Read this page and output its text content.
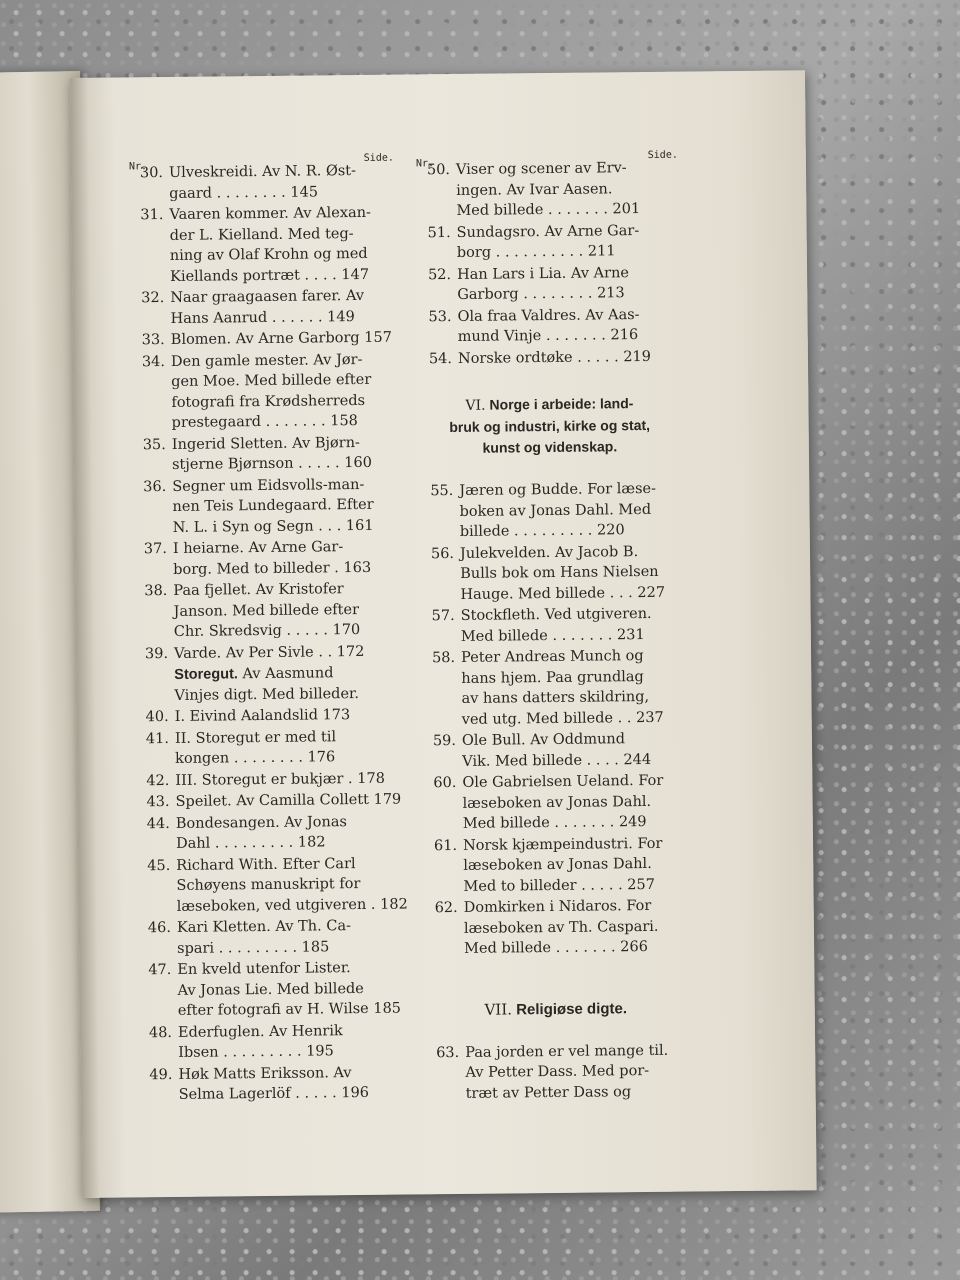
Nr.
Side.
30. Ulveskreidi. Av N. R. Øst-
gaard . . . . . . . . 145
31. Vaaren kommer. Av Alexan-
der L. Kielland. Med teg-
ning av Olaf Krohn og med
Kiellands portræt . . . . 147
32. Naar graagaasen farer. Av
Hans Aanrud . . . . . . 149
33. Blomen. Av Arne Garborg 157
34. Den gamle mester. Av Jør-
gen Moe. Med billede efter
fotografi fra Krødsherreds
prestegaard . . . . . . . 158
35. Ingerid Sletten. Av Bjørn-
stjerne Bjørnson . . . . . 160
36. Segner um Eidsvolls-man-
nen Teis Lundegaard. Efter
N. L. i Syn og Segn . . . 161
37. I heiarne. Av Arne Gar-
borg. Med to billeder . 163
38. Paa fjellet. Av Kristofer
Janson. Med billede efter
Chr. Skredsvig . . . . . 170
39. Varde. Av Per Sivle . . 172
Storegut. Av Aasmund
Vinjes digt. Med billeder.
40. I. Eivind Aalandslid 173
41. II. Storegut er med til
kongen . . . . . . . . 176
42. III. Storegut er bukjær . 178
43. Speilet. Av Camilla Collett 179
44. Bondesangen. Av Jonas
Dahl . . . . . . . . . 182
45. Richard With. Efter Carl
Schøyens manuskript for
læseboken, ved utgiveren . 182
46. Kari Kletten. Av Th. Ca-
spari . . . . . . . . . 185
47. En kveld utenfor Lister.
Av Jonas Lie. Med billede
efter fotografi av H. Wilse 185
48. Ederfuglen. Av Henrik
Ibsen . . . . . . . . . 195
49. Høk Matts Eriksson. Av
Selma Lagerlöf . . . . . 196
Nr.
Side.
50. Viser og scener av Erv-
ingen. Av Ivar Aasen.
Med billede . . . . . . . 201
51. Sundagsro. Av Arne Gar-
borg . . . . . . . . . . 211
52. Han Lars i Lia. Av Arne
Garborg . . . . . . . . 213
53. Ola fraa Valdres. Av Aas-
mund Vinje . . . . . . . 216
54. Norske ordtøke . . . . . 219
VI. Norge i arbeide: land-
bruk og industri, kirke og stat,
kunst og videnskap.
55. Jæren og Budde. For læse-
boken av Jonas Dahl. Med
billede . . . . . . . . . 220
56. Julekvelden. Av Jacob B.
Bulls bok om Hans Nielsen
Hauge. Med billede . . . 227
57. Stockfleth. Ved utgiveren.
Med billede . . . . . . . 231
58. Peter Andreas Munch og
hans hjem. Paa grundlag
av hans datters skildring,
ved utg. Med billede . . 237
59. Ole Bull. Av Oddmund
Vik. Med billede . . . . 244
60. Ole Gabrielsen Ueland. For
læseboken av Jonas Dahl.
Med billede . . . . . . . 249
61. Norsk kjæmpeindustri. For
læseboken av Jonas Dahl.
Med to billeder . . . . . 257
62. Domkirken i Nidaros. For
læseboken av Th. Caspari.
Med billede . . . . . . . 266
VII. Religiøse digte.
63. Paa jorden er vel mange til.
Av Petter Dass. Med por-
træt av Petter Dass og
